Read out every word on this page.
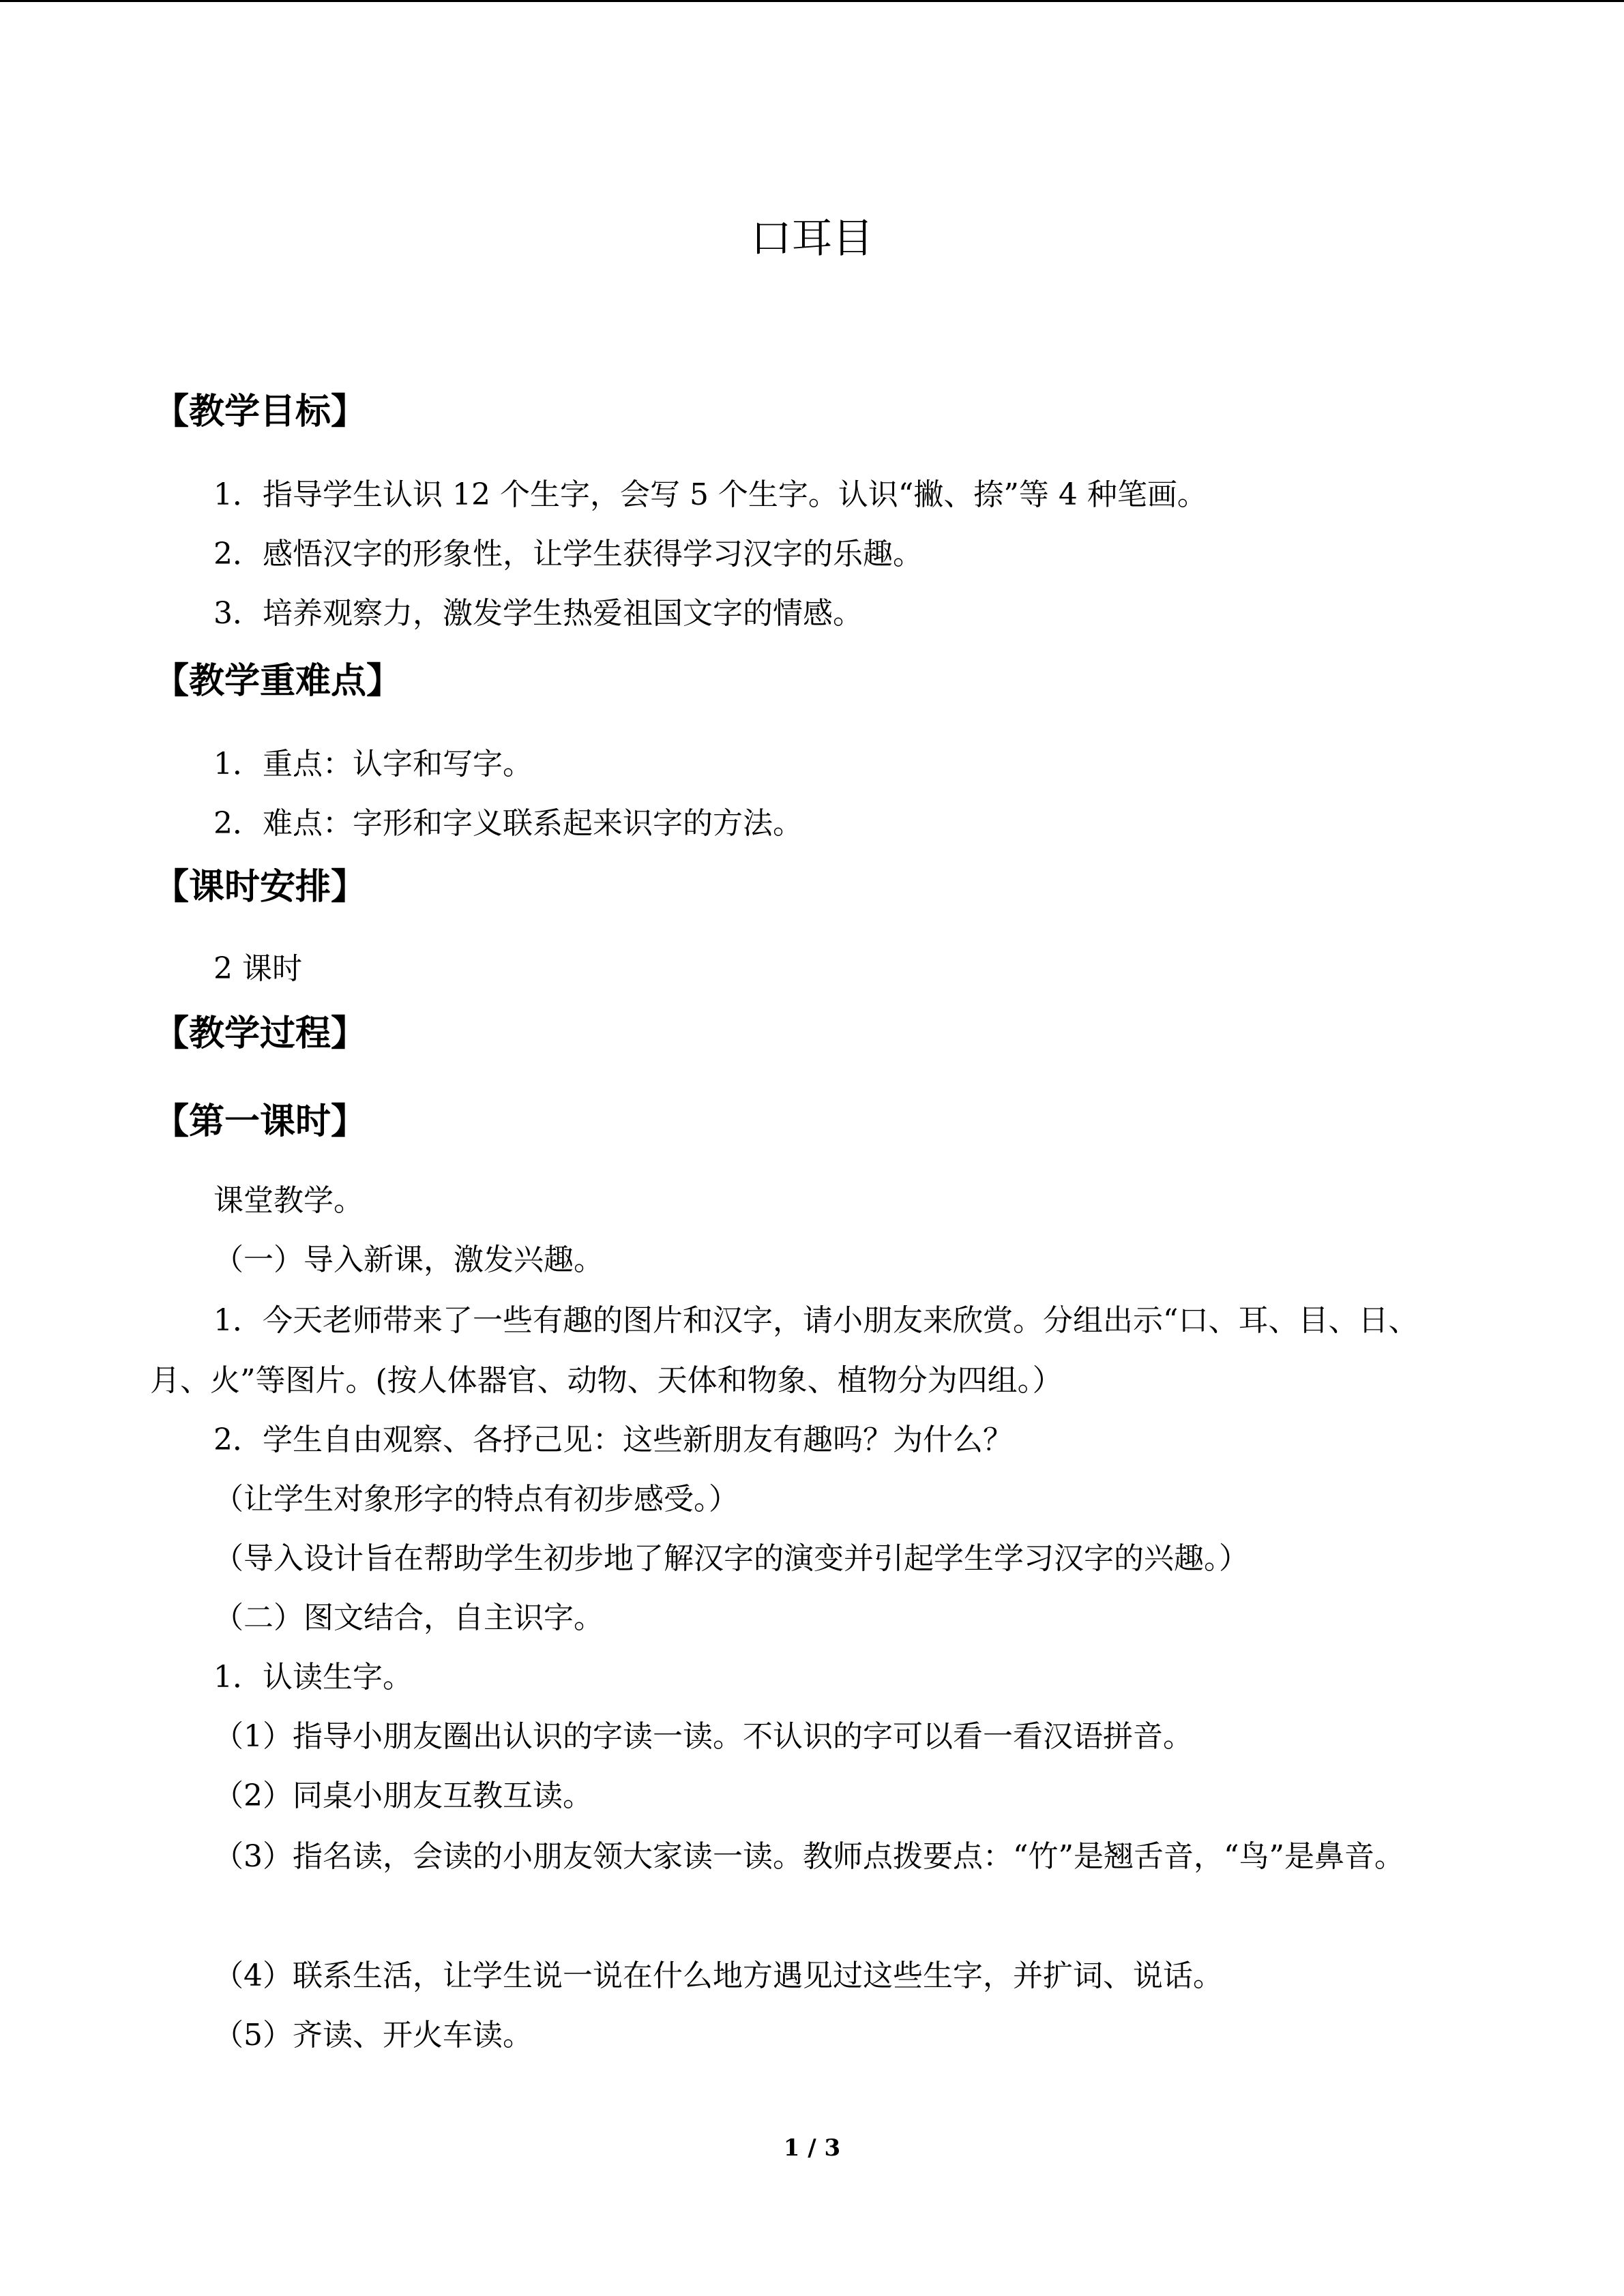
口耳目
【教学目标】
1．指导学生认识 12 个生字，会写 5 个生字。认识“撇、捺”等 4 种笔画。
2．感悟汉字的形象性，让学生获得学习汉字的乐趣。
3．培养观察力，激发学生热爱祖国文字的情感。
【教学重难点】
1．重点：认字和写字。
2．难点：字形和字义联系起来识字的方法。
【课时安排】
2 课时
【教学过程】
【第一课时】
课堂教学。
（一）导入新课，激发兴趣。
1．今天老师带来了一些有趣的图片和汉字，请小朋友来欣赏。分组出示“口、耳、目、日、月、火”等图片。(按人体器官、动物、天体和物象、植物分为四组。）
2．学生自由观察、各抒己见：这些新朋友有趣吗？为什么？
（让学生对象形字的特点有初步感受。）
（导入设计旨在帮助学生初步地了解汉字的演变并引起学生学习汉字的兴趣。）
（二）图文结合，自主识字。
1．认读生字。
（1）指导小朋友圈出认识的字读一读。不认识的字可以看一看汉语拼音。
（2）同桌小朋友互教互读。
（3）指名读，会读的小朋友领大家读一读。教师点拨要点：“竹”是翘舌音，“鸟”是鼻音。
（4）联系生活，让学生说一说在什么地方遇见过这些生字，并扩词、说话。
（5）齐读、开火车读。
1 / 3
